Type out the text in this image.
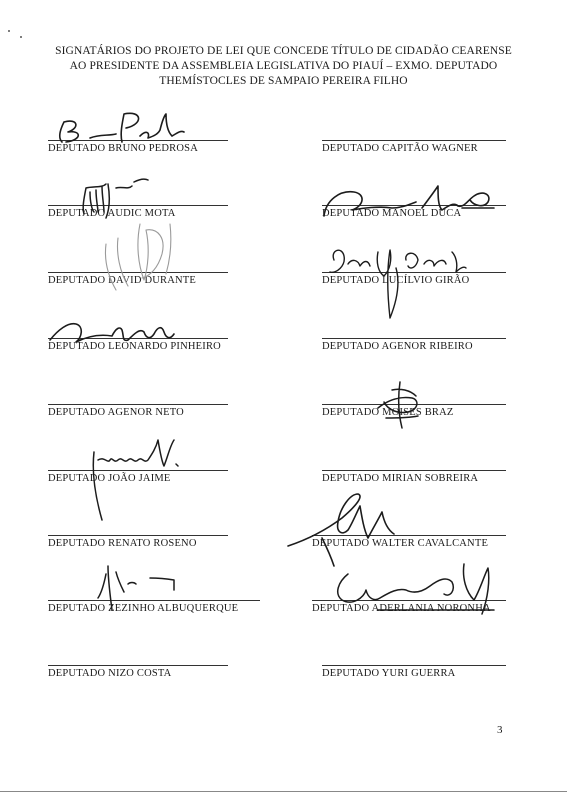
SIGNATÁRIOS DO PROJETO DE LEI QUE CONCEDE TÍTULO DE CIDADÃO CEARENSE
AO PRESIDENTE DA ASSEMBLEIA LEGISLATIVA DO PIAUÍ – EXMO. DEPUTADO
THEMÍSTOCLES DE SAMPAIO PEREIRA FILHO
DEPUTADO BRUNO PEDROSA
DEPUTADO AUDIC MOTA
DEPUTADO DAVID DURANTE
DEPUTADO LEONARDO PINHEIRO
DEPUTADO AGENOR NETO
DEPUTADO JOÃO JAIME
DEPUTADO RENATO ROSENO
DEPUTADO ZEZINHO ALBUQUERQUE
DEPUTADO NIZO COSTA
DEPUTADO CAPITÃO WAGNER
DEPUTADO MANOEL DUCA
DEPUTADO LUCÍLVIO GIRÃO
DEPUTADO AGENOR RIBEIRO
DEPUTADO MOISES BRAZ
DEPUTADO MIRIAN SOBREIRA
DEPUTADO WALTER CAVALCANTE
DEPUTADO ADERLANIA NORONHA
DEPUTADO YURI GUERRA
3
